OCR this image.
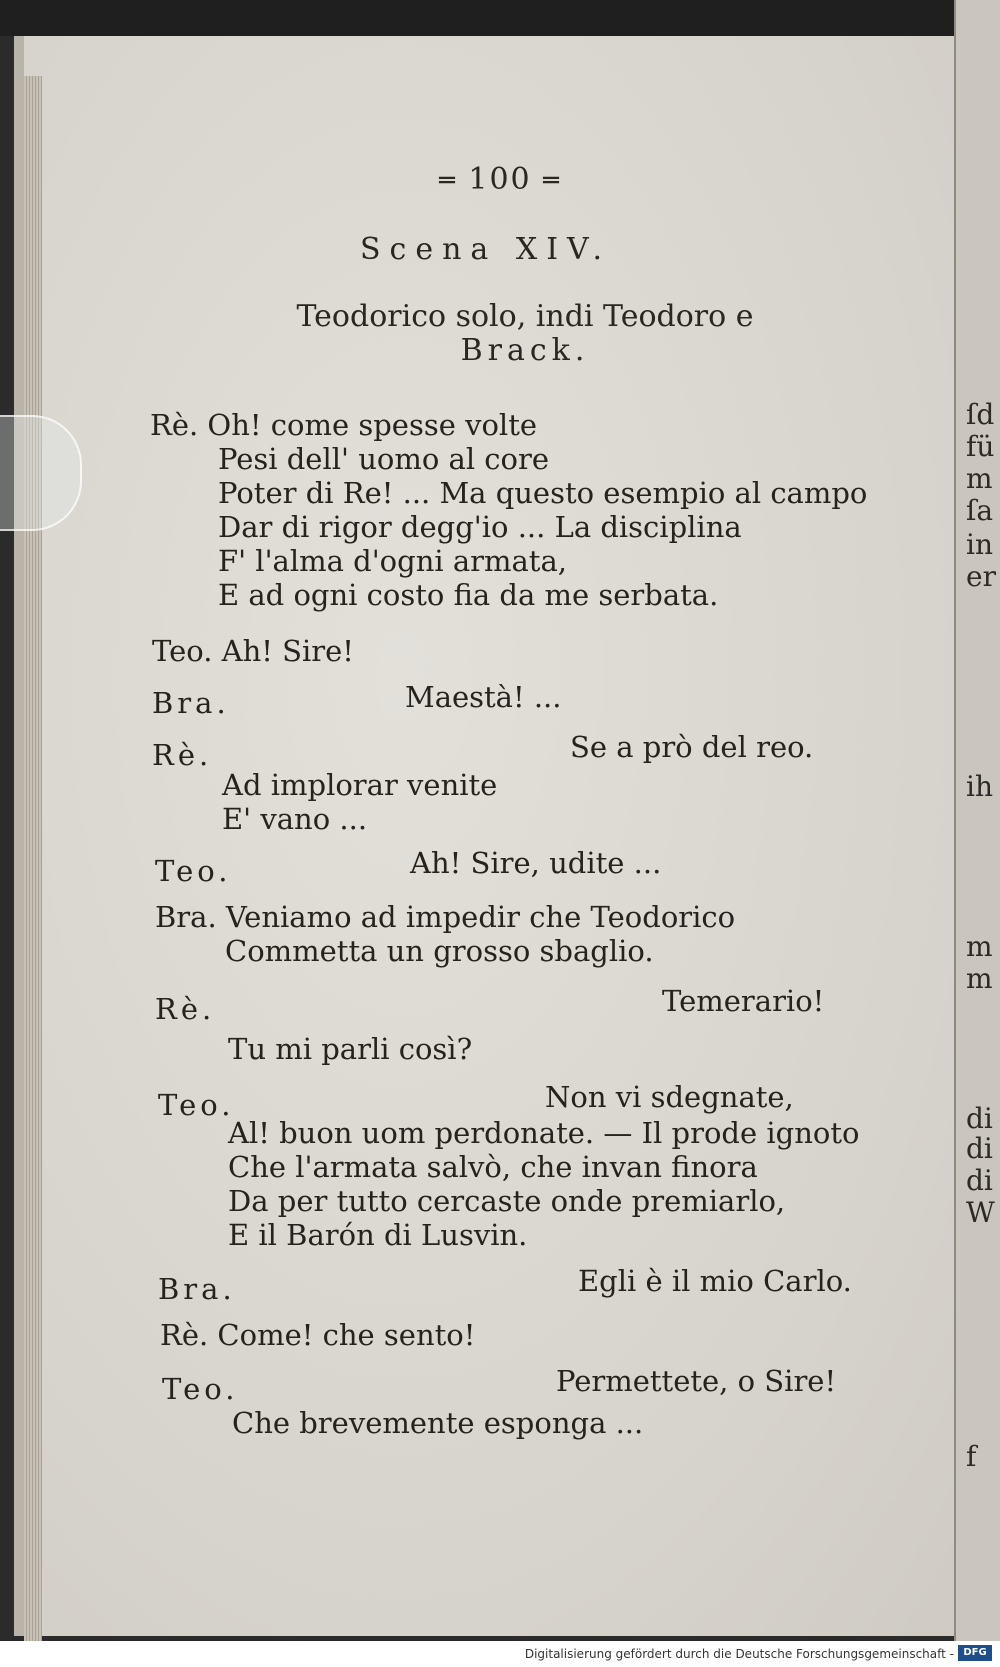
ſd
fü
m
ſa
in
er
ih
m
m
di
di
di
W
f
═ 100 ═
Scena XIV.
Teodorico solo, indi Teodoro e
Brack.
Rè. Oh! come spesse volte
Pesi dell' uomo al core
Poter di Re! ... Ma questo esempio al campo
Dar di rigor degg'io ... La disciplina
F' l'alma d'ogni armata,
E ad ogni costo fia da me serbata.
Teo. Ah! Sire!
Bra.	Maestà! ...
Rè.	Se a prò del reo.
Ad implorar venite
E' vano ...
Teo.	Ah! Sire, udite ...
Bra. Veniamo ad impedir che Teodorico
Commetta un grosso sbaglio.
Rè.	Temerario!
Tu mi parli così?
Teo.	Non vi sdegnate,
Al! buon uom perdonate. — Il prode ignoto
Che l'armata salvò, che invan finora
Da per tutto cercaste onde premiarlo,
E il Barón di Lusvin.
Bra.	Egli è il mio Carlo.
Rè. Come! che sento!
Teo.	Permettete, o Sire!
Che brevemente esponga ...
Digitalisierung gefördert durch die Deutsche Forschungsgemeinschaft - DFG
